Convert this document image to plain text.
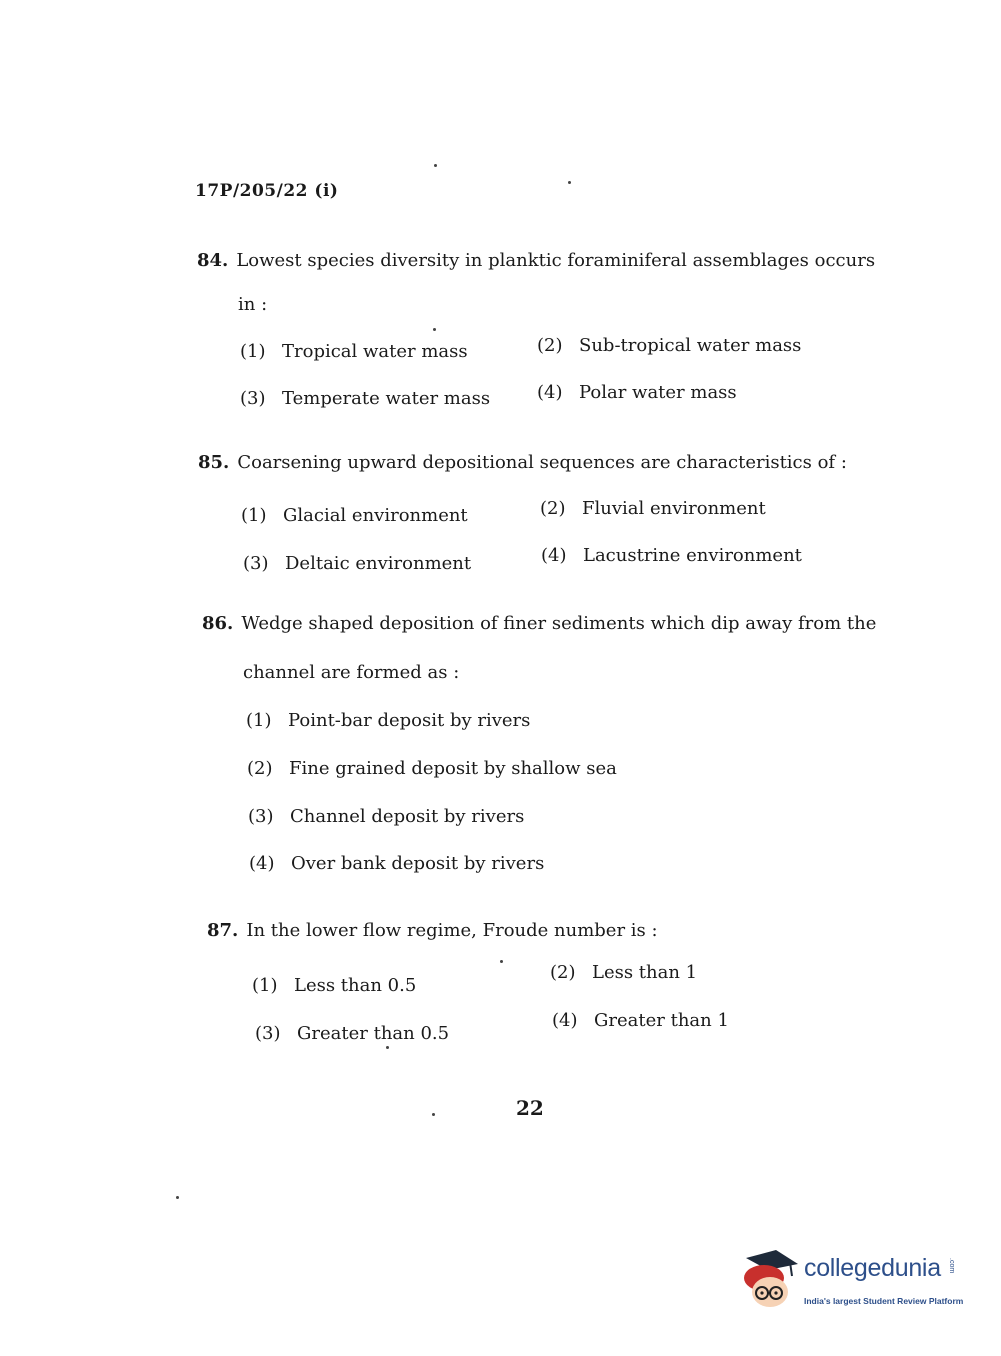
17P/205/22 (i)
84. Lowest species diversity in planktic foraminiferal assemblages occurs
in :
(1) Tropical water mass	(2) Sub-tropical water mass
(3) Temperate water mass	(4) Polar water mass
85. Coarsening upward depositional sequences are characteristics of :
(1) Glacial environment	(2) Fluvial environment
(3) Deltaic environment	(4) Lacustrine environment
86. Wedge shaped deposition of finer sediments which dip away from the
channel are formed as :
(1) Point-bar deposit by rivers
(2) Fine grained deposit by shallow sea
(3) Channel deposit by rivers
(4) Over bank deposit by rivers
87. In the lower flow regime, Froude number is :
(1) Less than 0.5
(2) Less than 1
(3) Greater than 0.5
(4) Greater than 1
22
collegedunia .com
India's largest Student Review Platform
